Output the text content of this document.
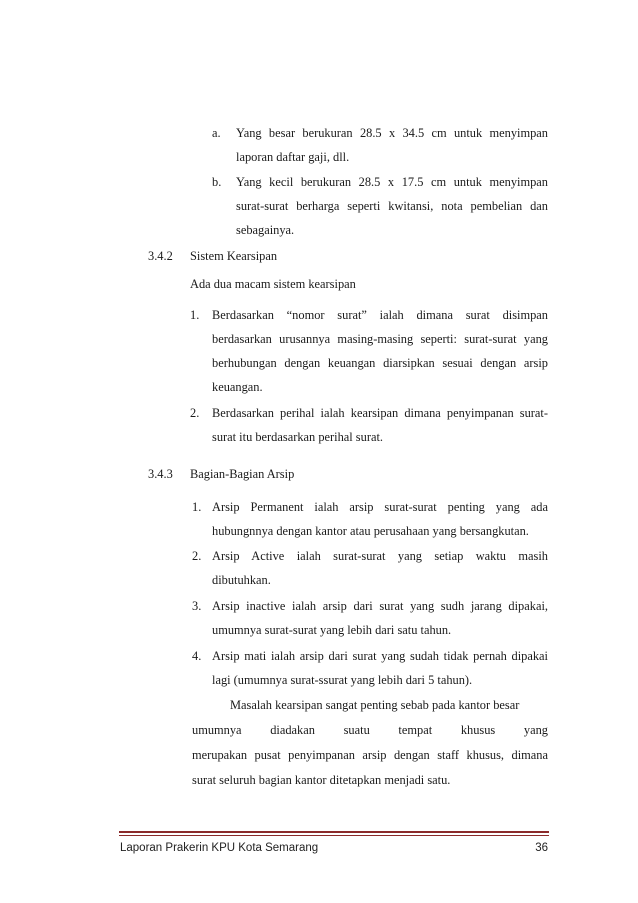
a. Yang besar berukuran 28.5 x 34.5 cm untuk menyimpan
laporan daftar gaji, dll.
b. Yang kecil berukuran 28.5 x 17.5 cm untuk menyimpan
surat-surat berharga seperti kwitansi, nota pembelian dan
sebagainya.
3.4.2 Sistem Kearsipan
Ada dua macam sistem kearsipan
1. Berdasarkan “nomor surat” ialah dimana surat disimpan
berdasarkan urusannya masing-masing seperti: surat-surat yang
berhubungan dengan keuangan diarsipkan sesuai dengan arsip
keuangan.
2. Berdasarkan perihal ialah kearsipan dimana penyimpanan surat-
surat itu berdasarkan perihal surat.
3.4.3 Bagian-Bagian Arsip
1. Arsip Permanent ialah arsip surat-surat penting yang ada
hubungnnya dengan kantor atau perusahaan yang bersangkutan.
2. Arsip Active ialah surat-surat yang setiap waktu masih
dibutuhkan.
3. Arsip inactive ialah arsip dari surat yang sudh jarang dipakai,
umumnya surat-surat yang lebih dari satu tahun.
4. Arsip mati ialah arsip dari surat yang sudah tidak pernah dipakai
lagi (umumnya surat-ssurat yang lebih dari 5 tahun).
Masalah kearsipan sangat penting sebab pada kantor besar
umumnya diadakan suatu tempat khusus yang
merupakan pusat penyimpanan arsip dengan staff khusus, dimana
surat seluruh bagian kantor ditetapkan menjadi satu.
Laporan Prakerin KPU Kota Semarang	36
